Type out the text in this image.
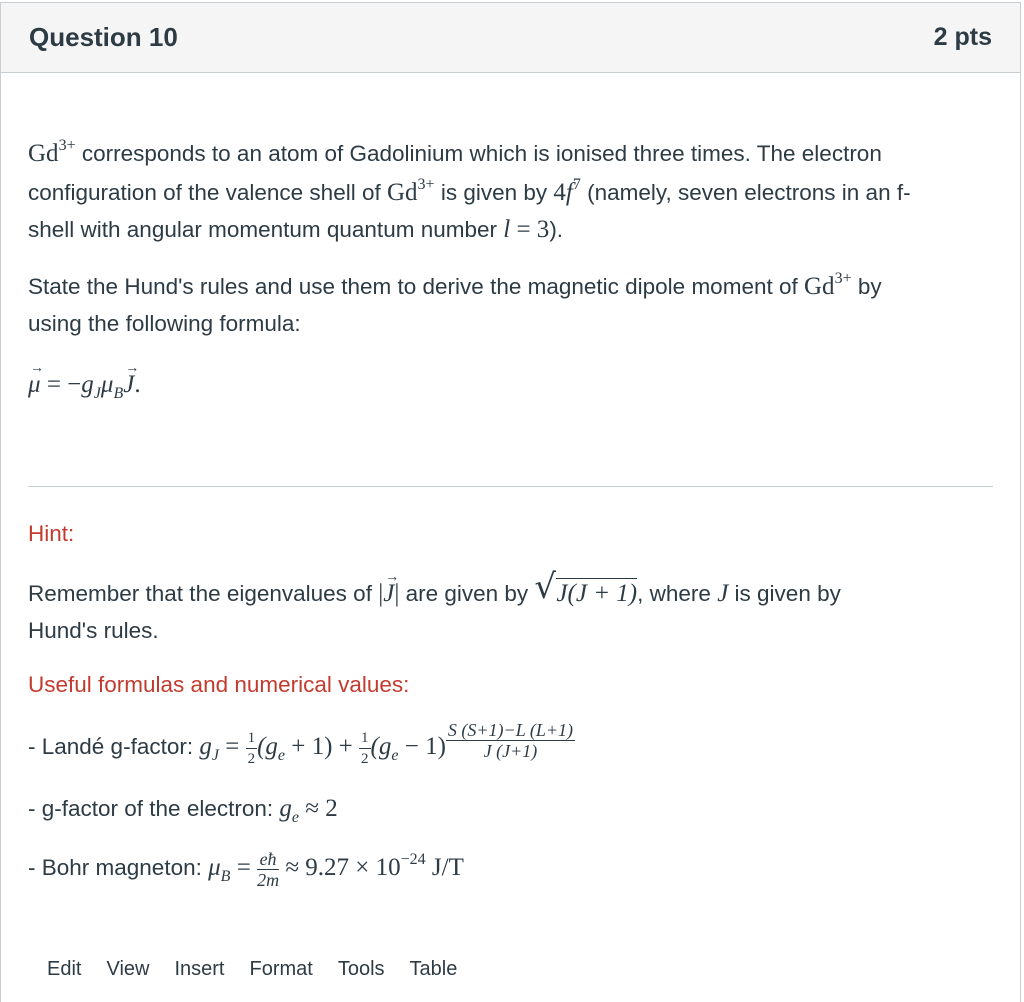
Question 10	2 pts
$Gd^{3+}$ corresponds to an atom of Gadolinium which is ionised three times. The electron
configuration of the valence shell of $Gd^{3+}$ is given by $4f^7$ (namely, seven electrons in an f-
shell with angular momentum quantum number l = 3).
State the Hund's rules and use them to derive the magnetic dipole moment of $Gd^{3+}$ by
using the following formula:
μ → = $-g_J\mu_BJ$ →.
Hint:
Remember that the eigenvalues of |J →| are given by √ J(J + 1), where J is given by
Hund's rules.
Useful formulas and numerical values:
- Landé g-factor: $g_J = \frac{1}{2} (g_e + 1) + \frac{1}{2} (g_e - 1) \frac{S (S+1)-L (L+1)}{J (J+1)}$
- g-factor of the electron: $g_e \approx 2$
- Bohr magneton: $\mu_B = \frac{eħ}{2m} \approx 9.27 \times 10^{-24}$ J/T
Edit View Insert Format Tools Table
